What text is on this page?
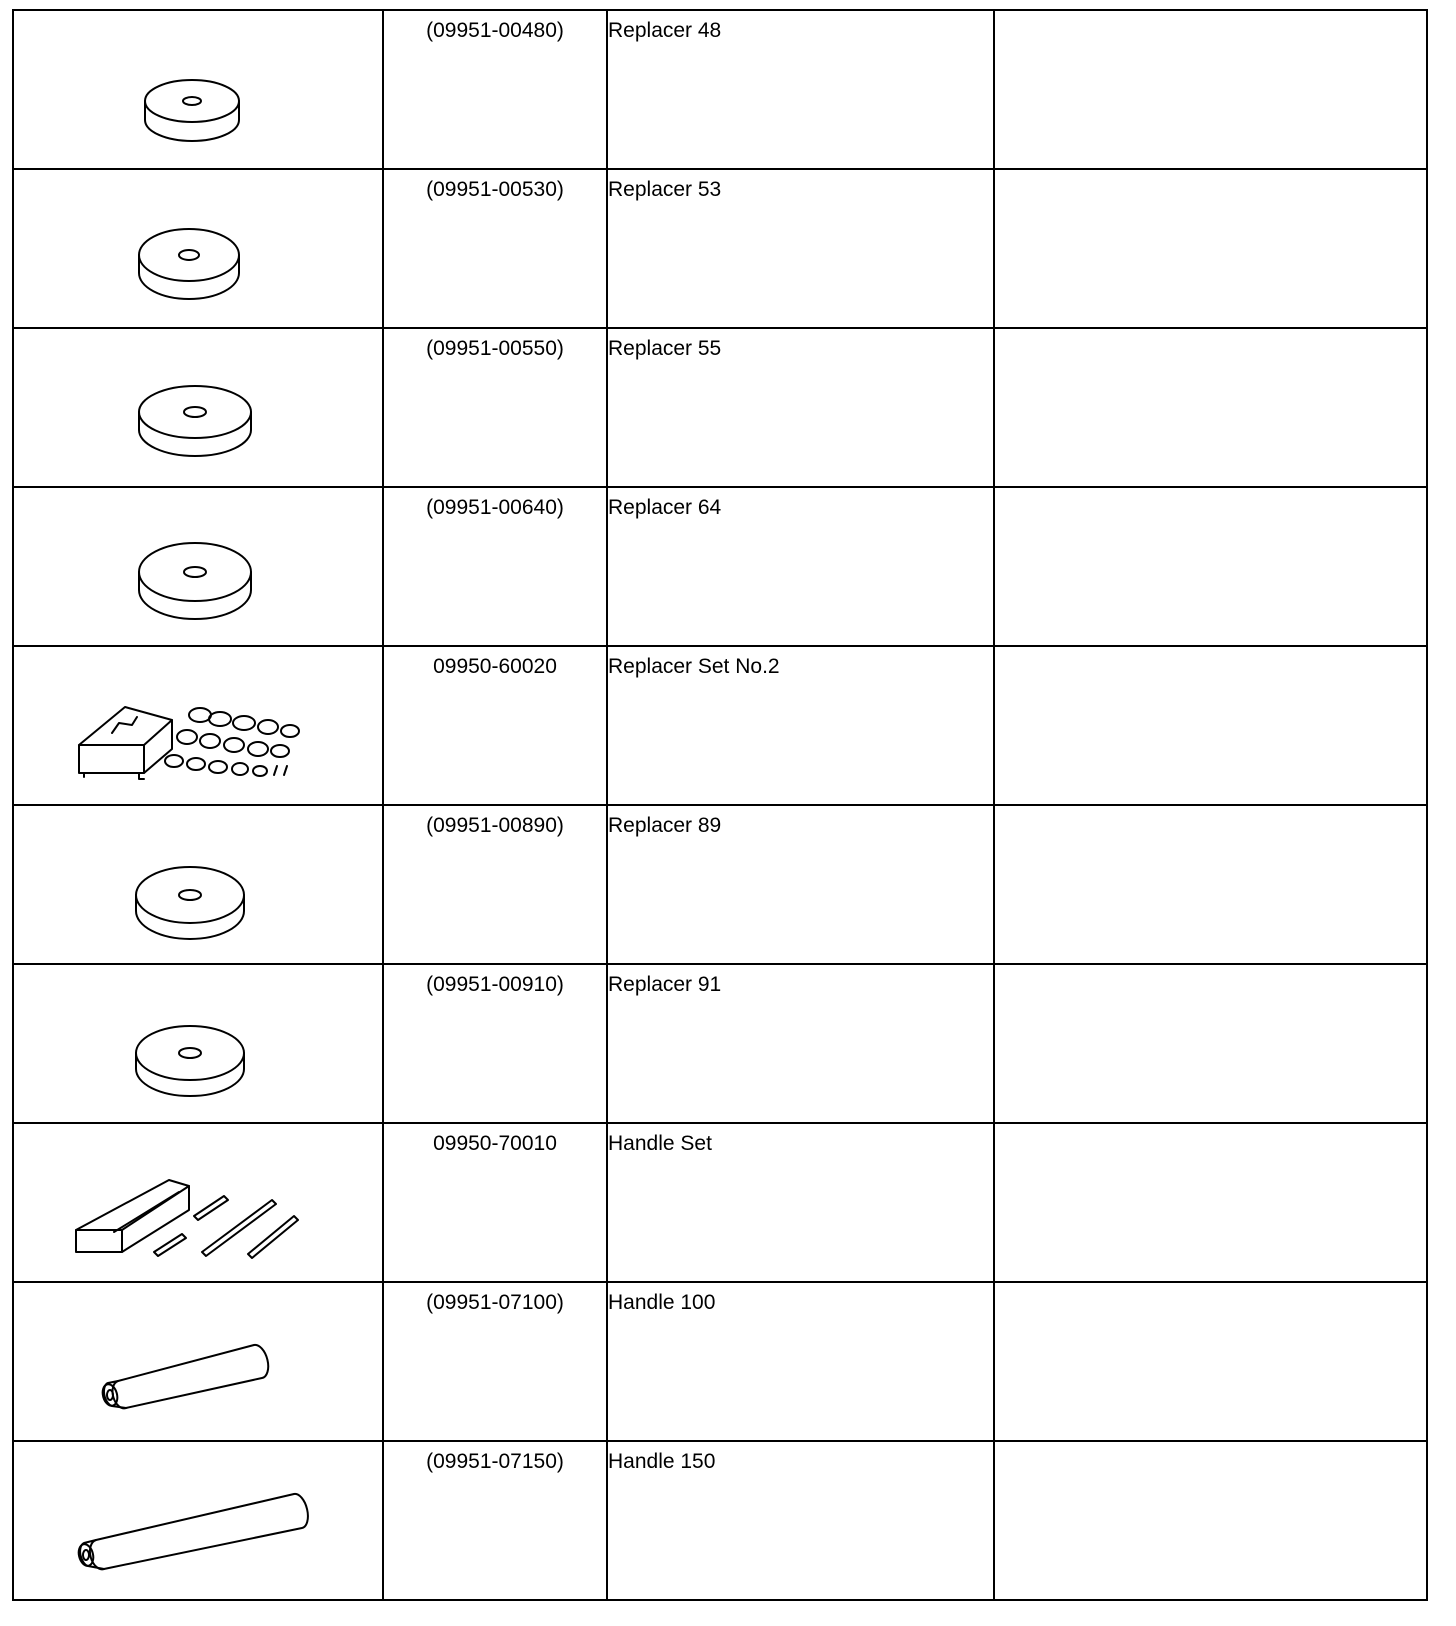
(09951-00480)	Replacer 48	

(09951-00530)	Replacer 53	

(09951-00550)	Replacer 55	

(09951-00640)	Replacer 64	

09950-60020	Replacer Set No.2	

(09951-00890)	Replacer 89	

(09951-00910)	Replacer 91	

09950-70010	Handle Set	

(09951-07100)	Handle 100	

(09951-07150)	Handle 150	
